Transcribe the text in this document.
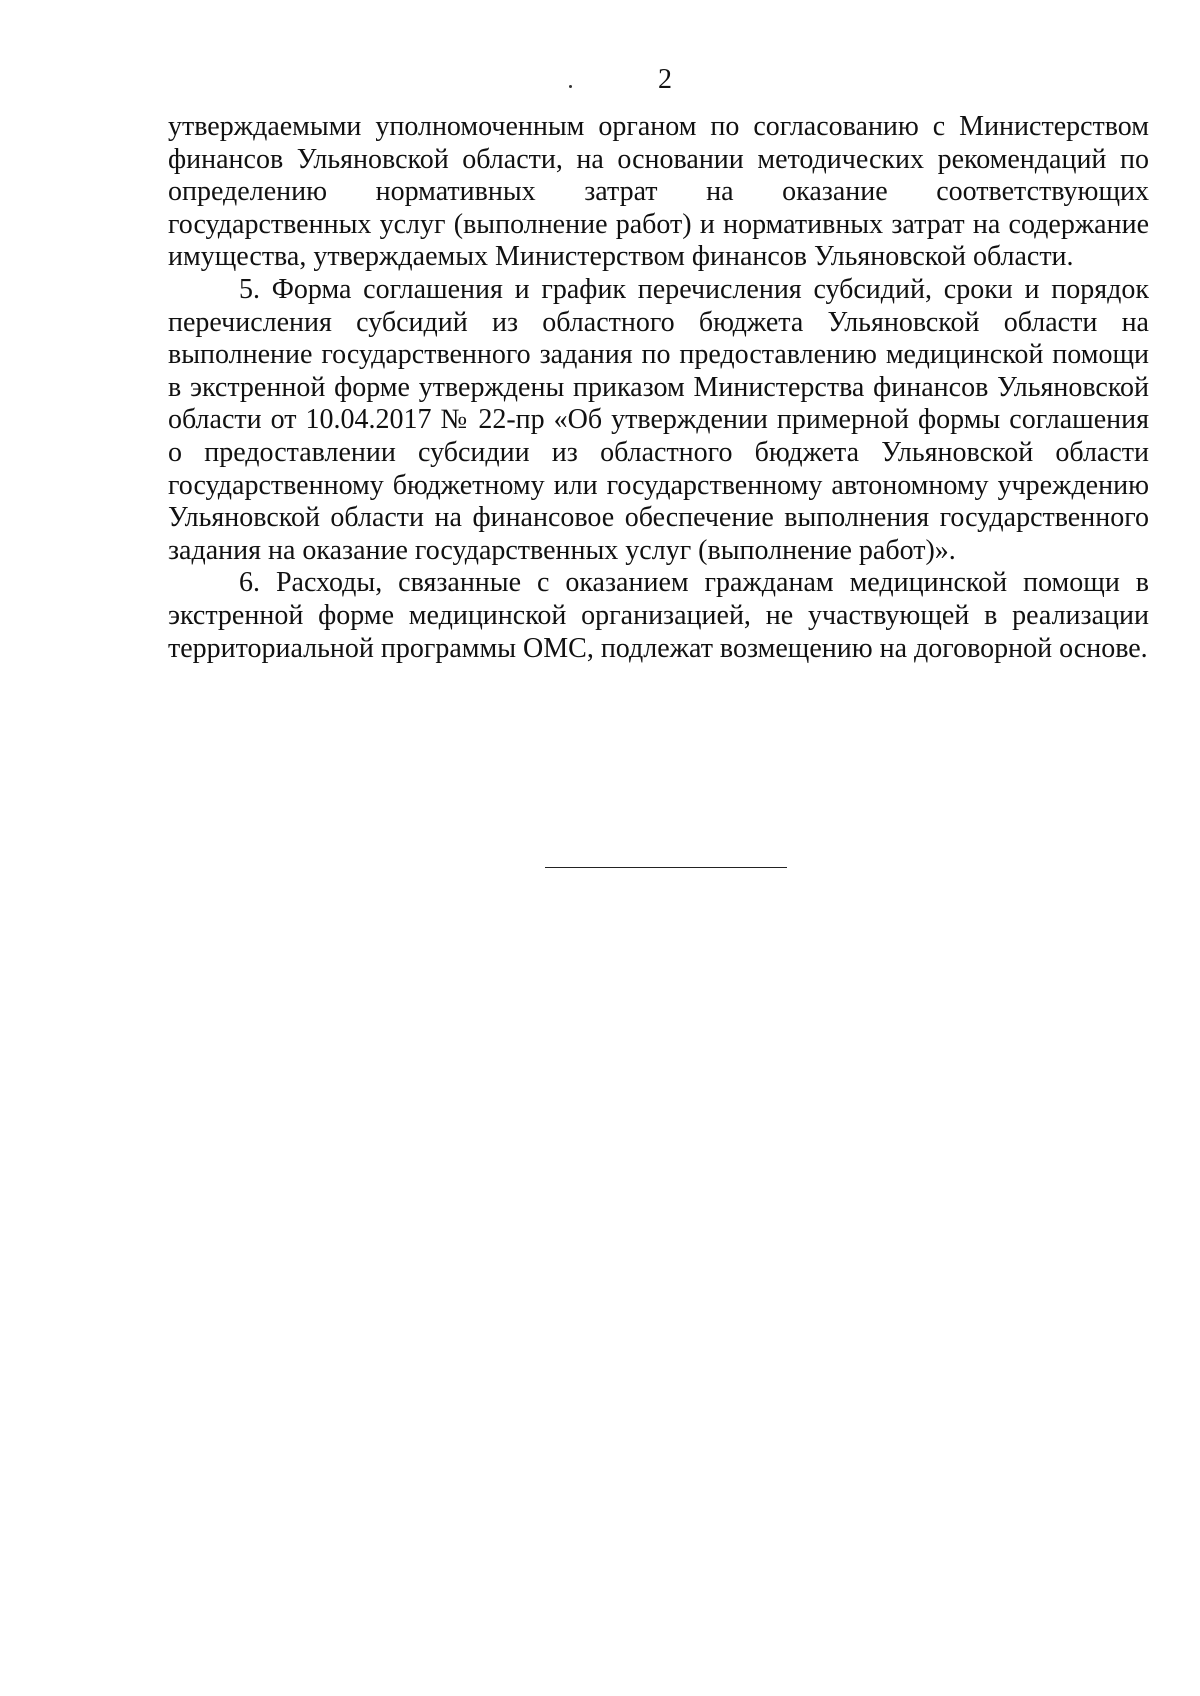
2

утверждаемыми уполномоченным органом по согласованию с Министерством финансов Ульяновской области, на основании методических рекомендаций по определению нормативных затрат на оказание соответствующих государственных услуг (выполнение работ) и нормативных затрат на содержание имущества, утверждаемых Министерством финансов Ульяновской области.

5. Форма соглашения и график перечисления субсидий, сроки и порядок перечисления субсидий из областного бюджета Ульяновской области на выполнение государственного задания по предоставлению медицинской помощи в экстренной форме утверждены приказом Министерства финансов Ульяновской области от 10.04.2017 № 22-пр «Об утверждении примерной формы соглашения о предоставлении субсидии из областного бюджета Ульяновской области государственному бюджетному или государственному автономному учреждению Ульяновской области на финансовое обеспечение выполнения государственного задания на оказание государственных услуг (выполнение работ)».

6. Расходы, связанные с оказанием гражданам медицинской помощи в экстренной форме медицинской организацией, не участвующей в реализации территориальной программы ОМС, подлежат возмещению на договорной основе.
